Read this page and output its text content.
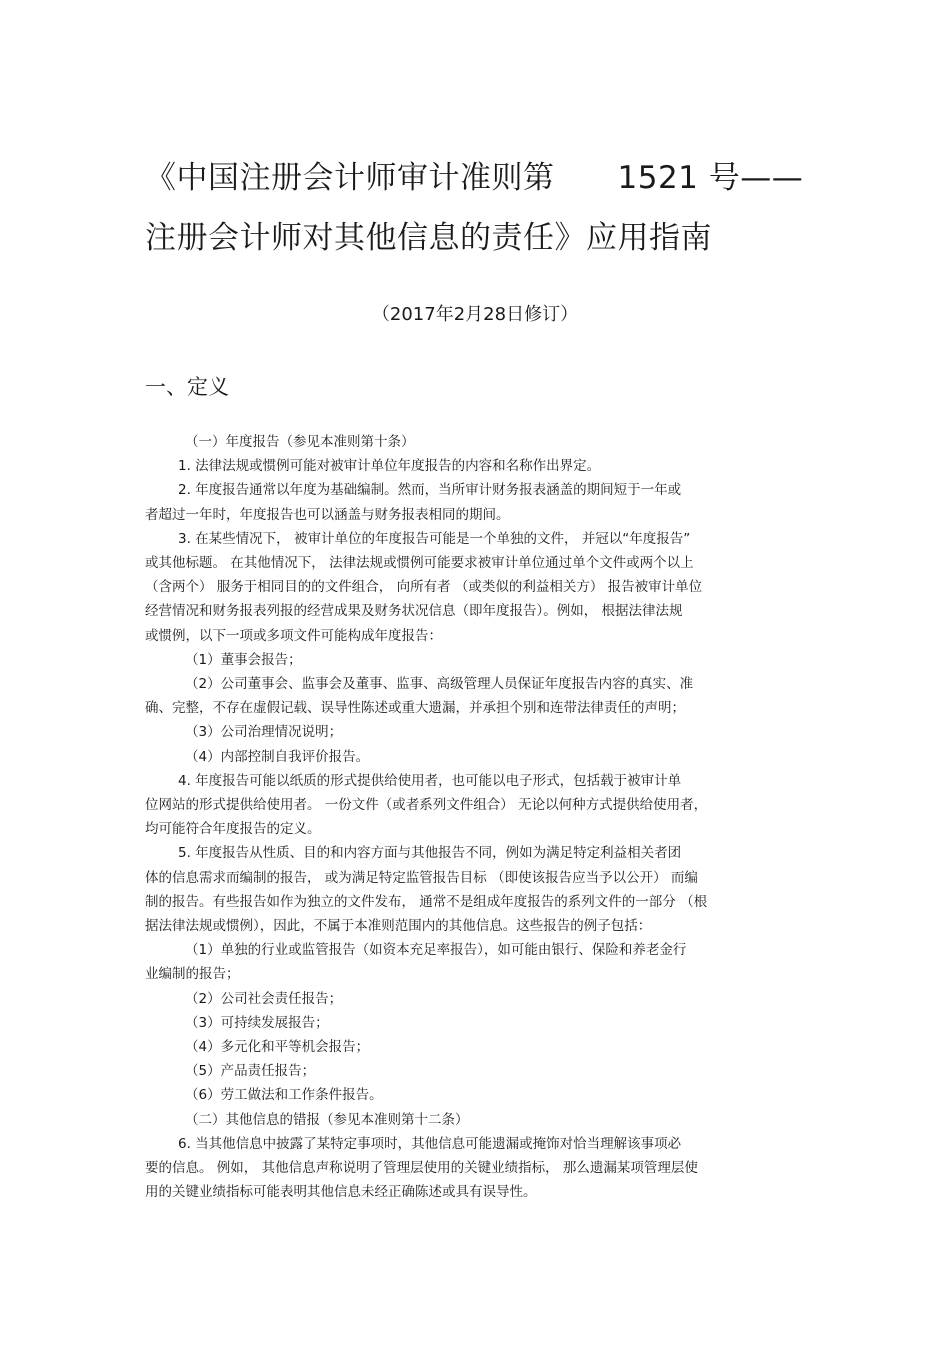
《中国注册会计师审计准则第　　1521 号——
注册会计师对其他信息的责任》应用指南
（2017年2月28日修订）
一、定义

（一）年度报告（参见本准则第十条）

1. 法律法规或惯例可能对被审计单位年度报告的内容和名称作出界定。

2. 年度报告通常以年度为基础编制。然而，当所审计财务报表涵盖的期间短于一年或

者超过一年时，年度报告也可以涵盖与财务报表相同的期间。

3. 在某些情况下， 被审计单位的年度报告可能是一个单独的文件， 并冠以“年度报告”

或其他标题。 在其他情况下， 法律法规或惯例可能要求被审计单位通过单个文件或两个以上

（含两个） 服务于相同目的的文件组合， 向所有者 （或类似的利益相关方） 报告被审计单位

经营情况和财务报表列报的经营成果及财务状况信息（即年度报告）。例如， 根据法律法规

或惯例，以下一项或多项文件可能构成年度报告：

（1）董事会报告；

（2）公司董事会、监事会及董事、监事、高级管理人员保证年度报告内容的真实、准

确、完整，不存在虚假记载、误导性陈述或重大遗漏，并承担个别和连带法律责任的声明；

（3）公司治理情况说明；

（4）内部控制自我评价报告。

4. 年度报告可能以纸质的形式提供给使用者，也可能以电子形式，包括载于被审计单

位网站的形式提供给使用者。 一份文件（或者系列文件组合） 无论以何种方式提供给使用者，

均可能符合年度报告的定义。

5. 年度报告从性质、目的和内容方面与其他报告不同，例如为满足特定利益相关者团

体的信息需求而编制的报告， 或为满足特定监管报告目标 （即使该报告应当予以公开） 而编

制的报告。有些报告如作为独立的文件发布， 通常不是组成年度报告的系列文件的一部分 （根

据法律法规或惯例），因此，不属于本准则范围内的其他信息。这些报告的例子包括：

（1）单独的行业或监管报告（如资本充足率报告），如可能由银行、保险和养老金行

业编制的报告；

（2）公司社会责任报告；

（3）可持续发展报告；

（4）多元化和平等机会报告；

（5）产品责任报告；

（6）劳工做法和工作条件报告。

（二）其他信息的错报（参见本准则第十二条）

6. 当其他信息中披露了某特定事项时，其他信息可能遗漏或掩饰对恰当理解该事项必

要的信息。 例如， 其他信息声称说明了管理层使用的关键业绩指标， 那么遗漏某项管理层使

用的关键业绩指标可能表明其他信息未经正确陈述或具有误导性。
